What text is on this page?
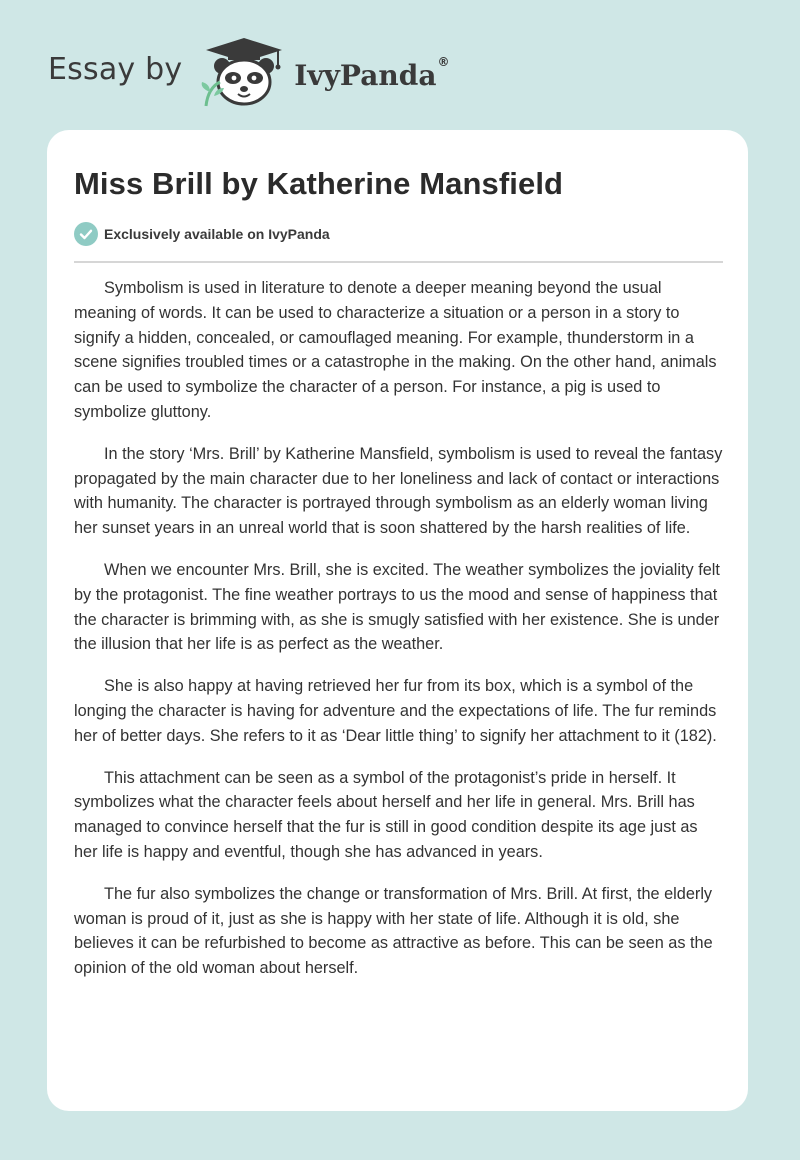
Essay by	IvyPanda®
Miss Brill by Katherine Mansfield
Exclusively available on IvyPanda

Symbolism is used in literature to denote a deeper meaning beyond the usual meaning of words. It can be used to characterize a situation or a person in a story to signify a hidden, concealed, or camouflaged meaning. For example, thunderstorm in a scene signifies troubled times or a catastrophe in the making. On the other hand, animals can be used to symbolize the character of a person. For instance, a pig is used to symbolize gluttony.

In the story ‘Mrs. Brill’ by Katherine Mansfield, symbolism is used to reveal the fantasy propagated by the main character due to her loneliness and lack of contact or interactions with humanity. The character is portrayed through symbolism as an elderly woman living her sunset years in an unreal world that is soon shattered by the harsh realities of life.

When we encounter Mrs. Brill, she is excited. The weather symbolizes the joviality felt by the protagonist. The fine weather portrays to us the mood and sense of happiness that the character is brimming with, as she is smugly satisfied with her existence. She is under the illusion that her life is as perfect as the weather.

She is also happy at having retrieved her fur from its box, which is a symbol of the longing the character is having for adventure and the expectations of life. The fur reminds her of better days. She refers to it as ‘Dear little thing’ to signify her attachment to it (182).

This attachment can be seen as a symbol of the protagonist’s pride in herself. It symbolizes what the character feels about herself and her life in general. Mrs. Brill has managed to convince herself that the fur is still in good condition despite its age just as her life is happy and eventful, though she has advanced in years.

The fur also symbolizes the change or transformation of Mrs. Brill. At first, the elderly woman is proud of it, just as she is happy with her state of life. Although it is old, she believes it can be refurbished to become as attractive as before. This can be seen as the opinion of the old woman about herself.
